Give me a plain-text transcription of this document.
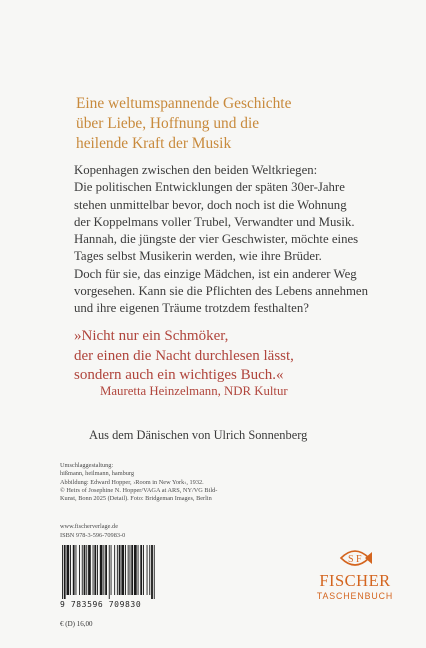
Eine weltumspannende Geschichte
über Liebe, Hoffnung und die
heilende Kraft der Musik
Kopenhagen zwischen den beiden Weltkriegen:
Die politischen Entwicklungen der späten 30er-Jahre
stehen unmittelbar bevor, doch noch ist die Wohnung
der Koppelmans voller Trubel, Verwandter und Musik.
Hannah, die jüngste der vier Geschwister, möchte eines
Tages selbst Musikerin werden, wie ihre Brüder.
Doch für sie, das einzige Mädchen, ist ein anderer Weg
vorgesehen. Kann sie die Pflichten des Lebens annehmen
und ihre eigenen Träume trotzdem festhalten?
»Nicht nur ein Schmöker,
der einen die Nacht durchlesen lässt,
sondern auch ein wichtiges Buch.«
Mauretta Heinzelmann, NDR Kultur
Aus dem Dänischen von Ulrich Sonnenberg
Umschlaggestaltung:
hißmann, heilmann, hamburg
Abbildung: Edward Hopper, ›Room in New York‹, 1932.
© Heirs of Josephine N. Hopper/VAGA at ARS, NY/VG Bild-
Kunst, Bonn 2025 (Detail). Foto: Bridgeman Images, Berlin
www.fischerverlage.de
ISBN 978-3-596-70983-0
9 783596 709830
€ (D) 16,00
S F
FISCHER
TASCHENBUCH
